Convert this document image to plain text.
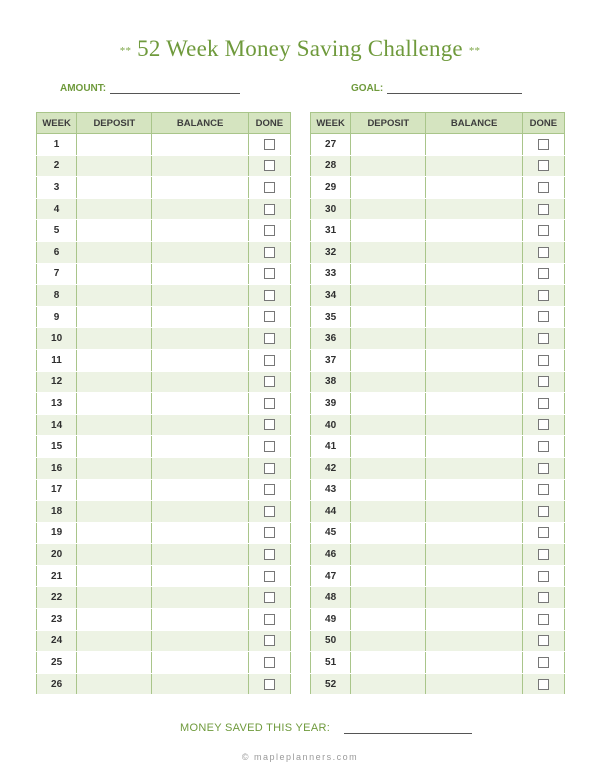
** 52 Week Money Saving Challenge **
AMOUNT:	GOAL:
WEEK	DEPOSIT	BALANCE	DONE
1			
2			
3			
4			
5			
6			
7			
8			
9			
10			
11			
12			
13			
14			
15			
16			
17			
18			
19			
20			
21			
22			
23			
24			
25			
26			
WEEK	DEPOSIT	BALANCE	DONE
27			
28			
29			
30			
31			
32			
33			
34			
35			
36			
37			
38			
39			
40			
41			
42			
43			
44			
45			
46			
47			
48			
49			
50			
51			
52			
MONEY SAVED THIS YEAR:
© mapleplanners.com
